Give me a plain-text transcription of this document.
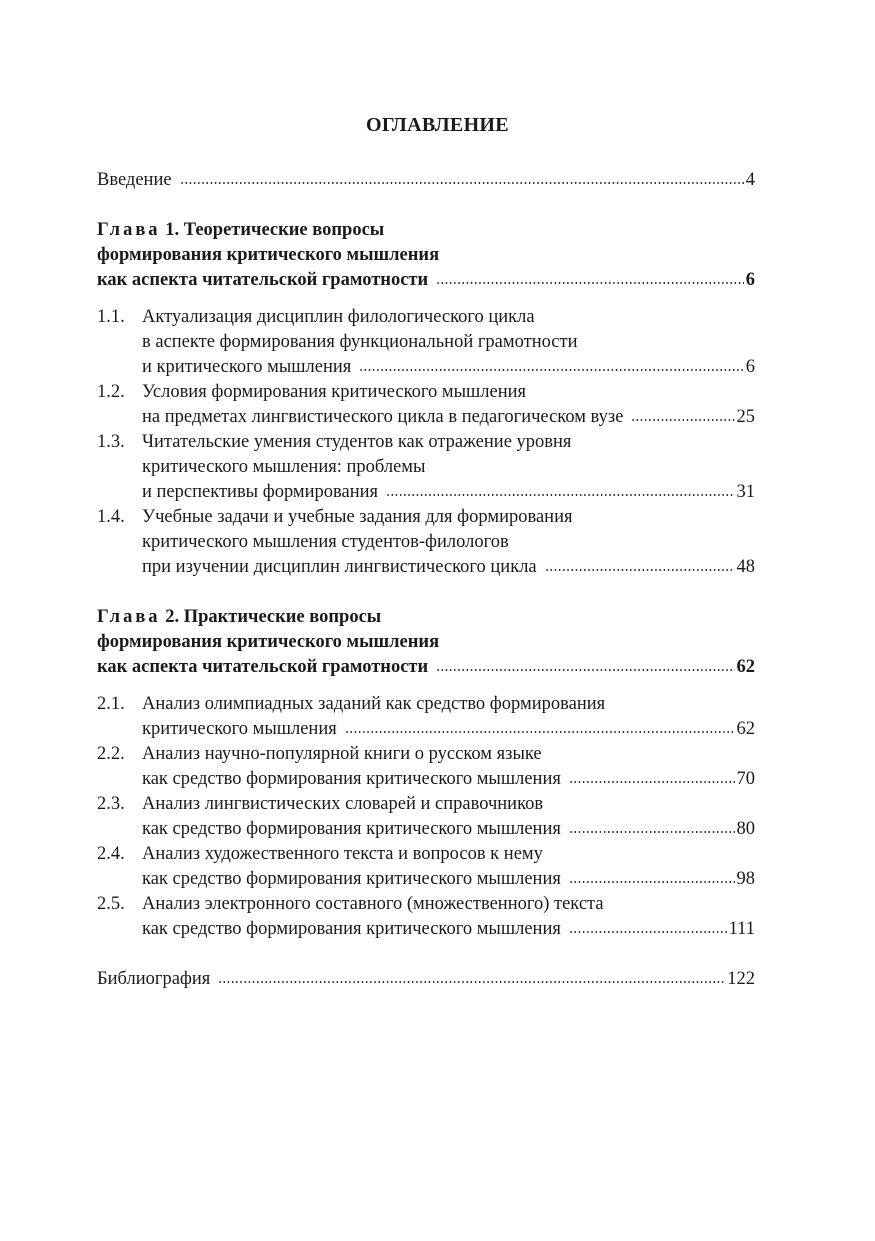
ОГЛАВЛЕНИЕ
Введение	4
Глава
1.
Теоретические вопросы
формирования критического мышления
как аспекта читательской грамотности	6
1.1. Актуализация дисциплин филологического цикла
в аспекте формирования функциональной грамотности
и критического мышления	6
1.2. Условия формирования критического мышления
на предметах лингвистического цикла в педагогическом вузе	25
1.3. Читательские умения студентов как отражение уровня
критического мышления: проблемы
и перспективы формирования	31
1.4. Учебные задачи и учебные задания для формирования
критического мышления студентов-филологов
при изучении дисциплин лингвистического цикла	48
Глава
2.
Практические вопросы
формирования критического мышления
как аспекта читательской грамотности	62
2.1. Анализ олимпиадных заданий как средство формирования
критического мышления	62
2.2. Анализ научно-популярной книги о русском языке
как средство формирования критического мышления	70
2.3. Анализ лингвистических словарей и справочников
как средство формирования критического мышления	80
2.4. Анализ художественного текста и вопросов к нему
как средство формирования критического мышления	98
2.5. Анализ электронного составного (множественного) текста
как средство формирования критического мышления	111
Библиография	122
